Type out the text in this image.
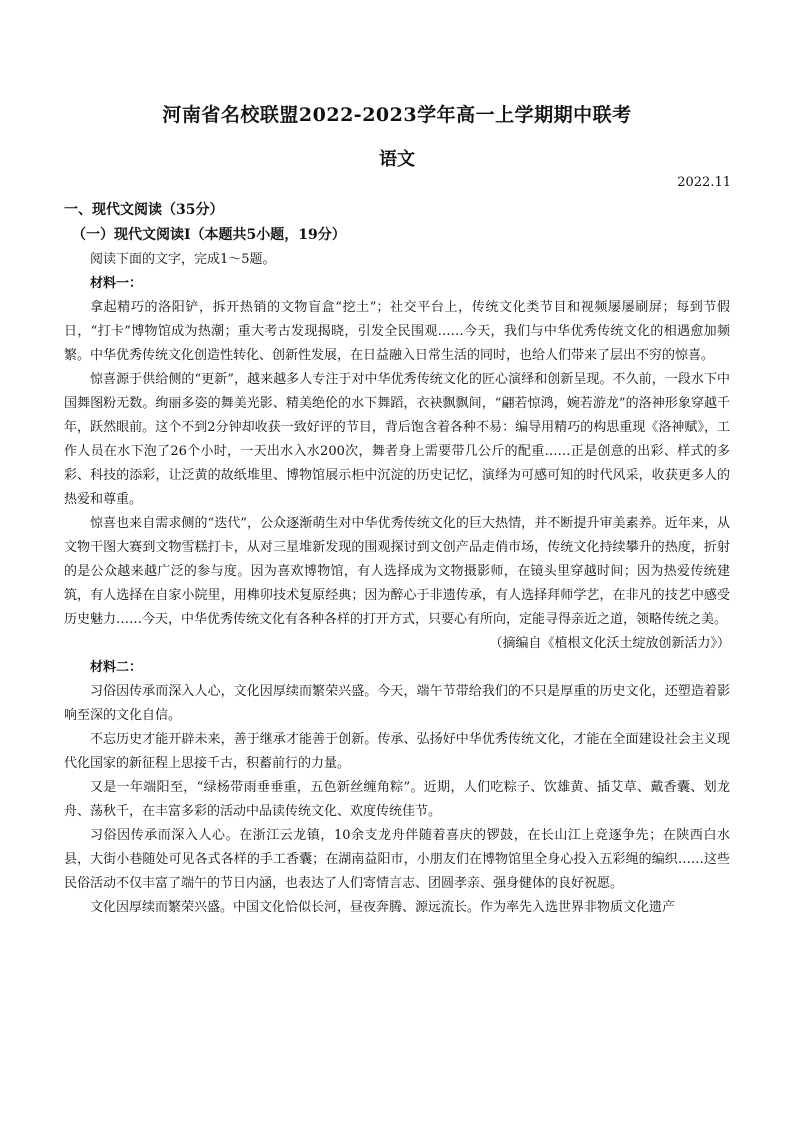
河南省名校联盟2022-2023学年高一上学期期中联考
语文
2022.11

一、现代文阅读（35分）

（一）现代文阅读Ⅰ（本题共5小题，19分）

阅读下面的文字，完成1～5题。

材料一：

拿起精巧的洛阳铲，拆开热销的文物盲盒“挖土”；社交平台上，传统文化类节目和视频屡屡刷屏；每到节假日，“打卡”博物馆成为热潮；重大考古发现揭晓，引发全民围观……今天，我们与中华优秀传统文化的相遇愈加频繁。中华优秀传统文化创造性转化、创新性发展，在日益融入日常生活的同时，也给人们带来了层出不穷的惊喜。

惊喜源于供给侧的“更新”，越来越多人专注于对中华优秀传统文化的匠心演绎和创新呈现。不久前，一段水下中国舞图粉无数。绚丽多姿的舞美光影、精美绝伦的水下舞蹈，衣袂飘飘间，“翩若惊鸿，婉若游龙”的洛神形象穿越千年，跃然眼前。这个不到2分钟却收获一致好评的节目，背后饱含着各种不易：编导用精巧的构思重现《洛神赋》，工作人员在水下泡了26个小时，一天出水入水200次，舞者身上需要带几公斤的配重……正是创意的出彩、样式的多彩、科技的添彩，让泛黄的故纸堆里、博物馆展示柜中沉淀的历史记忆，演绎为可感可知的时代风采，收获更多人的热爱和尊重。

惊喜也来自需求侧的“迭代”，公众逐渐萌生对中华优秀传统文化的巨大热情，并不断提升审美素养。近年来，从文物干图大赛到文物雪糕打卡，从对三星堆新发现的围观探讨到文创产品走俏市场，传统文化持续攀升的热度，折射的是公众越来越广泛的参与度。因为喜欢博物馆，有人选择成为文物摄影师，在镜头里穿越时间；因为热爱传统建筑，有人选择在自家小院里，用榫卯技术复原经典；因为醉心于非遗传承，有人选择拜师学艺，在非凡的技艺中感受历史魅力……今天，中华优秀传统文化有各种各样的打开方式，只要心有所向，定能寻得亲近之道，领略传统之美。

（摘编自《植根文化沃土绽放创新活力》）

材料二：

习俗因传承而深入人心，文化因厚续而繁荣兴盛。今天，端午节带给我们的不只是厚重的历史文化，还塑造着影响至深的文化自信。

不忘历史才能开辟未来，善于继承才能善于创新。传承、弘扬好中华优秀传统文化，才能在全面建设社会主义现代化国家的新征程上思接千古，积蓄前行的力量。

又是一年端阳至，“绿杨带雨垂垂重，五色新丝缠角粽”。近期，人们吃粽子、饮雄黄、插艾草、戴香囊、划龙舟、荡秋千，在丰富多彩的活动中品读传统文化、欢度传统佳节。

习俗因传承而深入人心。在浙江云龙镇，10余支龙舟伴随着喜庆的锣鼓，在长山江上竞逐争先；在陕西白水县，大街小巷随处可见各式各样的手工香囊；在湖南益阳市，小朋友们在博物馆里全身心投入五彩绳的编织……这些民俗活动不仅丰富了端午的节日内涵，也表达了人们寄情言志、团圆孝亲、强身健体的良好祝愿。

文化因厚续而繁荣兴盛。中国文化恰似长河，昼夜奔腾、源远流长。作为率先入选世界非物质文化遗产
